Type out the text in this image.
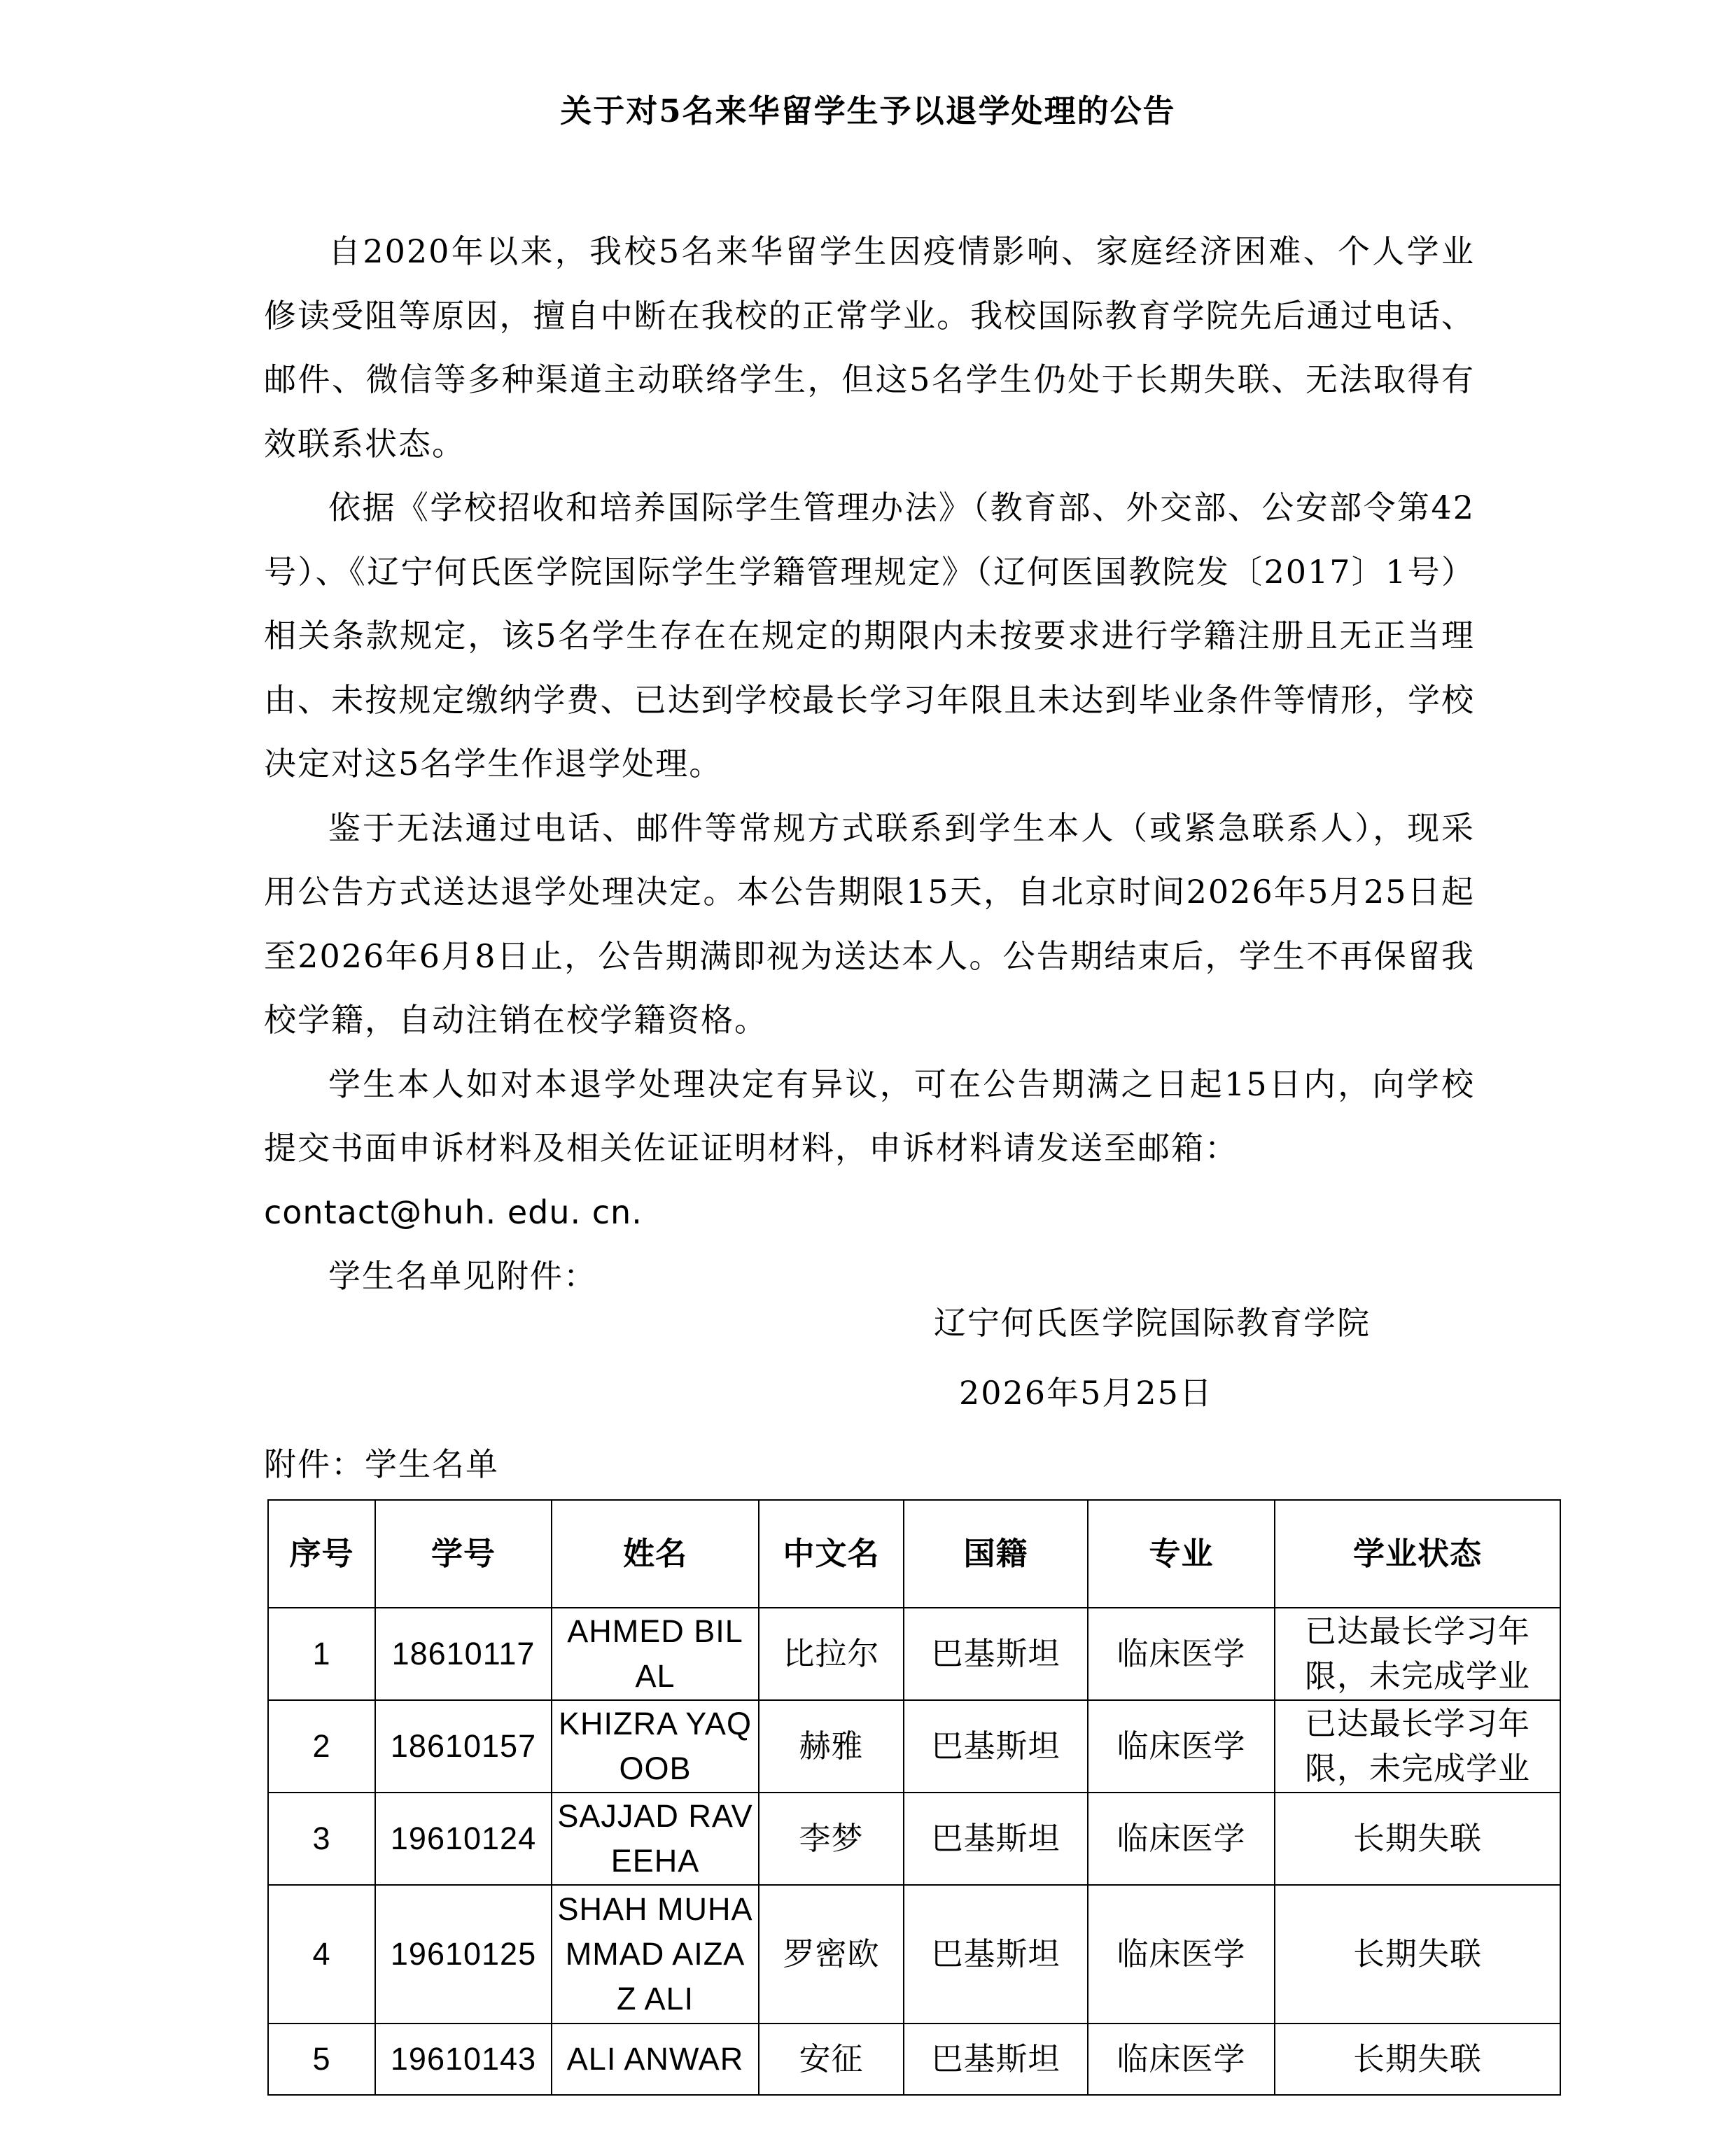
关于对5名来华留学生予以退学处理的公告

自2020年以来，我校5名来华留学生因疫情影响、家庭经济困难、个人学业修读受阻等原因，擅自中断在我校的正常学业。我校国际教育学院先后通过电话、邮件、微信等多种渠道主动联络学生，但这5名学生仍处于长期失联、无法取得有效联系状态。

依据《学校招收和培养国际学生管理办法》（教育部、外交部、公安部令第42号）、《辽宁何氏医学院国际学生学籍管理规定》（辽何医国教院发〔2017〕1号）相关条款规定，该5名学生存在在规定的期限内未按要求进行学籍注册且无正当理由、未按规定缴纳学费、已达到学校最长学习年限且未达到毕业条件等情形，学校决定对这5名学生作退学处理。

鉴于无法通过电话、邮件等常规方式联系到学生本人（或紧急联系人），现采用公告方式送达退学处理决定。本公告期限15天，自北京时间2026年5月25日起至2026年6月8日止，公告期满即视为送达本人。公告期结束后，学生不再保留我校学籍，自动注销在校学籍资格。

学生本人如对本退学处理决定有异议，可在公告期满之日起15日内，向学校提交书面申诉材料及相关佐证证明材料，申诉材料请发送至邮箱：

contact@huh. edu. cn.

学生名单见附件：

辽宁何氏医学院国际教育学院
2026年5月25日
附件：学生名单
序号	学号	姓名	中文名	国籍	专业	学业状态
1	18610117	AHMED BILAL	比拉尔	巴基斯坦	临床医学	已达最长学习年限，未完成学业
2	18610157	KHIZRA YAQOOB	赫雅	巴基斯坦	临床医学	已达最长学习年限，未完成学业
3	19610124	SAJJAD RAVEEHA	李梦	巴基斯坦	临床医学	长期失联
4	19610125	SHAH MUHAMMAD AIZAZ ALI	罗密欧	巴基斯坦	临床医学	长期失联
5	19610143	ALI ANWAR	安征	巴基斯坦	临床医学	长期失联
